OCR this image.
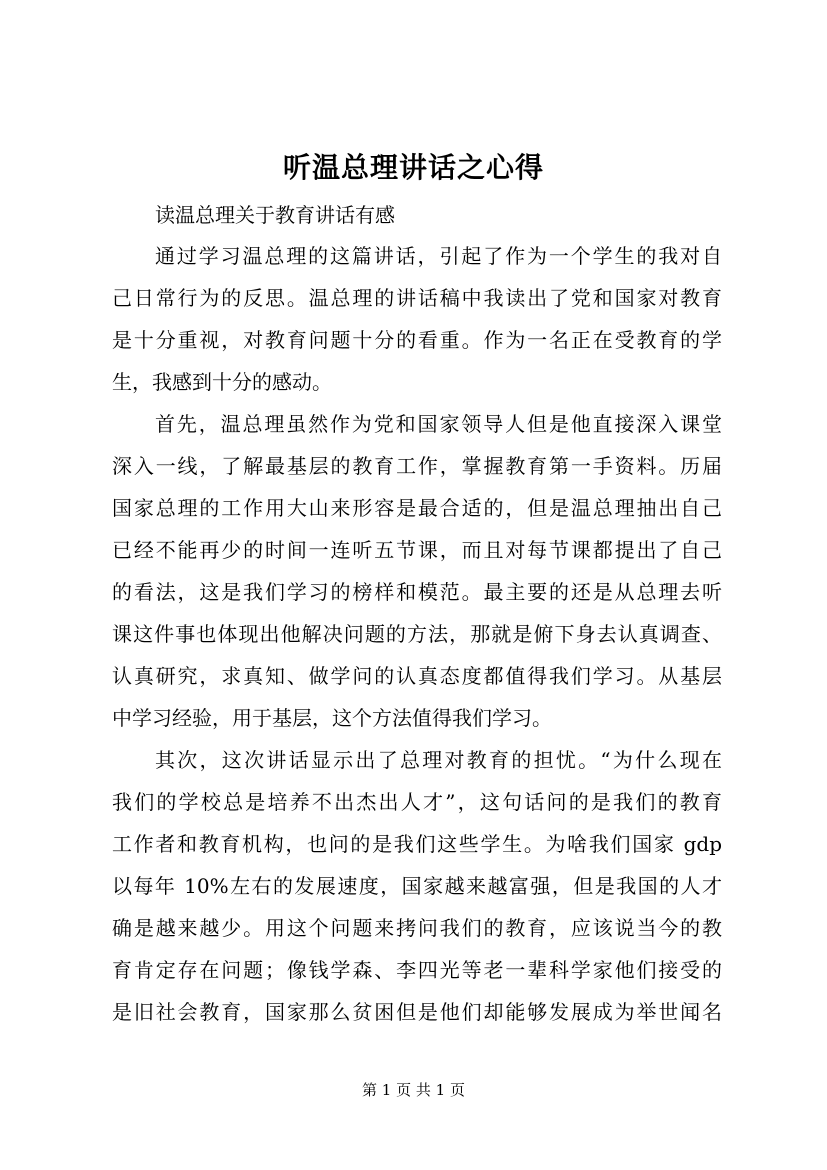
听温总理讲话之心得
读温总理关于教育讲话有感
通过学习温总理的这篇讲话，引起了作为一个学生的我对自
己日常行为的反思。温总理的讲话稿中我读出了党和国家对教育
是十分重视，对教育问题十分的看重。作为一名正在受教育的学
生，我感到十分的感动。
首先，温总理虽然作为党和国家领导人但是他直接深入课堂
深入一线，了解最基层的教育工作，掌握教育第一手资料。历届
国家总理的工作用大山来形容是最合适的，但是温总理抽出自己
已经不能再少的时间一连听五节课，而且对每节课都提出了自己
的看法，这是我们学习的榜样和模范。最主要的还是从总理去听
课这件事也体现出他解决问题的方法，那就是俯下身去认真调查、
认真研究，求真知、做学问的认真态度都值得我们学习。从基层
中学习经验，用于基层，这个方法值得我们学习。
其次，这次讲话显示出了总理对教育的担忧。“为什么现在
我们的学校总是培养不出杰出人才”，这句话问的是我们的教育
工作者和教育机构，也问的是我们这些学生。为啥我们国家 gdp
以每年 10%左右的发展速度，国家越来越富强，但是我国的人才
确是越来越少。用这个问题来拷问我们的教育，应该说当今的教
育肯定存在问题；像钱学森、李四光等老一辈科学家他们接受的
是旧社会教育，国家那么贫困但是他们却能够发展成为举世闻名
第 1 页 共 1 页
